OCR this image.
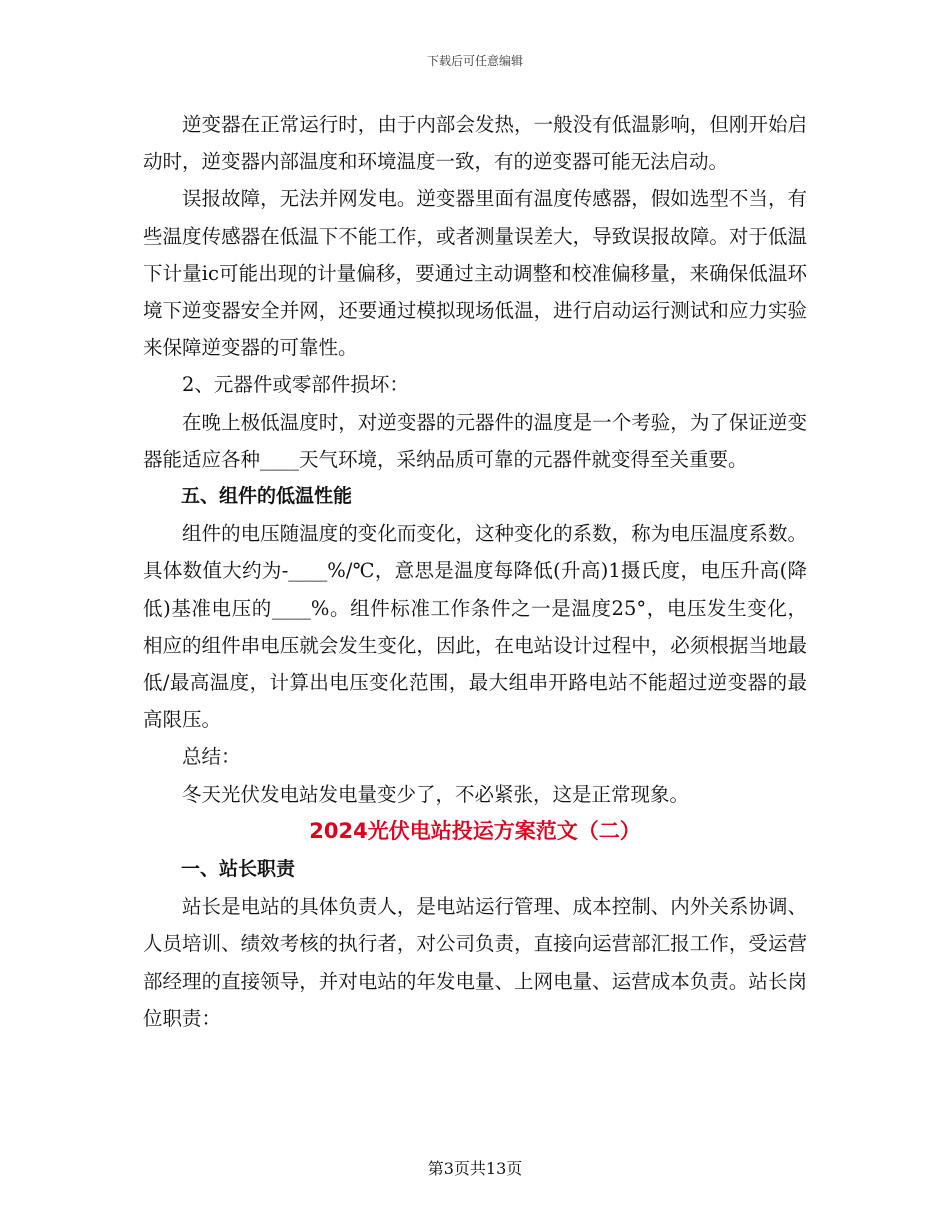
下载后可任意编辑

逆变器在正常运行时，由于内部会发热，一般没有低温影响，但刚开始启动时，逆变器内部温度和环境温度一致，有的逆变器可能无法启动。

误报故障，无法并网发电。逆变器里面有温度传感器，假如选型不当，有些温度传感器在低温下不能工作，或者测量误差大，导致误报故障。对于低温下计量ic可能出现的计量偏移，要通过主动调整和校准偏移量，来确保低温环境下逆变器安全并网，还要通过模拟现场低温，进行启动运行测试和应力实验来保障逆变器的可靠性。

2、元器件或零部件损坏：

在晚上极低温度时，对逆变器的元器件的温度是一个考验，为了保证逆变器能适应各种____天气环境，采纳品质可靠的元器件就变得至关重要。

五、组件的低温性能

组件的电压随温度的变化而变化，这种变化的系数，称为电压温度系数。具体数值大约为-____%/℃，意思是温度每降低(升高)1摄氏度，电压升高(降低)基准电压的____%。组件标准工作条件之一是温度25°，电压发生变化，相应的组件串电压就会发生变化，因此，在电站设计过程中，必须根据当地最低/最高温度，计算出电压变化范围，最大组串开路电站不能超过逆变器的最高限压。

总结：

冬天光伏发电站发电量变少了，不必紧张，这是正常现象。

2024光伏电站投运方案范文（二）
一、站长职责

站长是电站的具体负责人，是电站运行管理、成本控制、内外关系协调、人员培训、绩效考核的执行者，对公司负责，直接向运营部汇报工作，受运营部经理的直接领导，并对电站的年发电量、上网电量、运营成本负责。站长岗位职责：

第3页共13页
